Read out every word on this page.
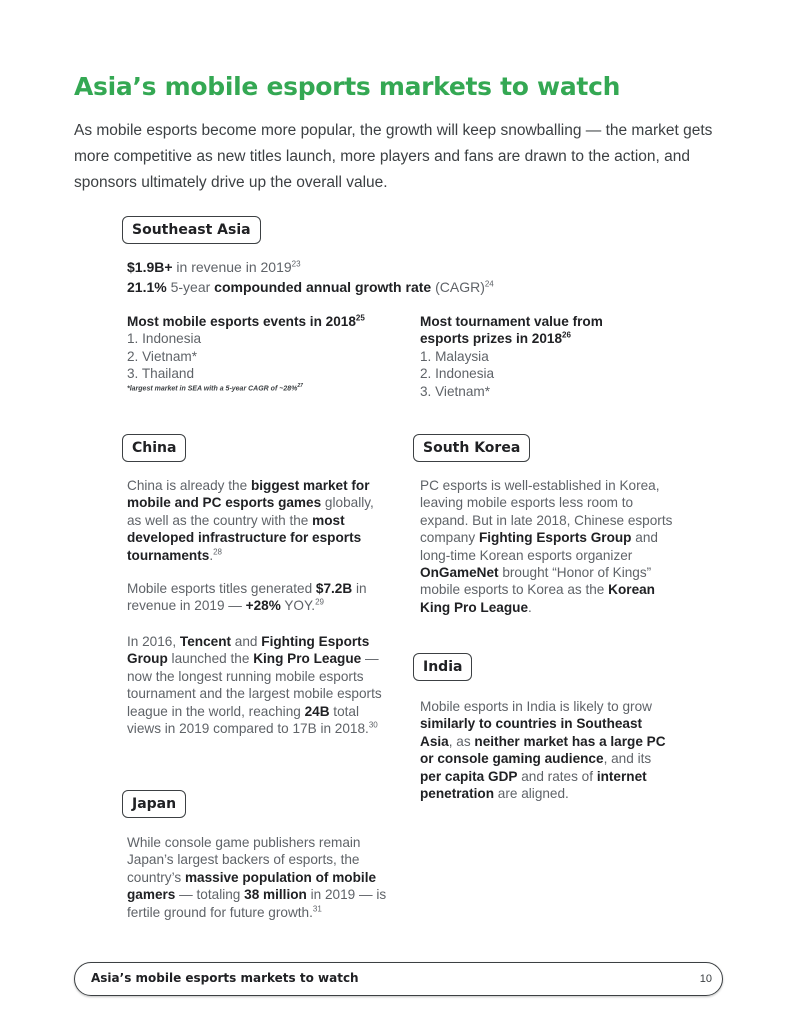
Asia’s mobile esports markets to watch

As mobile esports become more popular, the growth will keep snowballing — the market gets more competitive as new titles launch, more players and fans are drawn to the action, and sponsors ultimately drive up the overall value.

Southeast Asia
$1.9B+ in revenue in 2019$^{23}$
21.1% 5-year compounded annual growth rate (CAGR)$^{24}$
Most mobile esports events in 2018$^{25}$
1. Indonesia
2. Vietnam*
3. Thailand
*largest market in SEA with a 5-year CAGR of ~28%$^{27}$
Most tournament value from
esports prizes in 2018$^{26}$
1. Malaysia
2. Indonesia
3. Vietnam*
China
China is already the biggest market for mobile and PC esports games globally, as well as the country with the most developed infrastructure for esports tournaments.$^{28}$
Mobile esports titles generated $7.2B in revenue in 2019 — +28% YOY.$^{29}$
In 2016, Tencent and Fighting Esports Group launched the King Pro League — now the longest running mobile esports tournament and the largest mobile esports league in the world, reaching 24B total views in 2019 compared to 17B in 2018.30
South Korea
PC esports is well-established in Korea, leaving mobile esports less room to expand. But in late 2018, Chinese esports company Fighting Esports Group and long-time Korean esports organizer OnGameNet brought “Honor of Kings” mobile esports to Korea as the Korean King Pro League.
India
Mobile esports in India is likely to grow similarly to countries in Southeast Asia, as neither market has a large PC or console gaming audience, and its per capita GDP and rates of internet penetration are aligned.
Japan
While console game publishers remain Japan’s largest backers of esports, the country’s massive population of mobile gamers — totaling 38 million in 2019 — is fertile ground for future growth.$^{31}$
Asia’s mobile esports markets to watch	10
